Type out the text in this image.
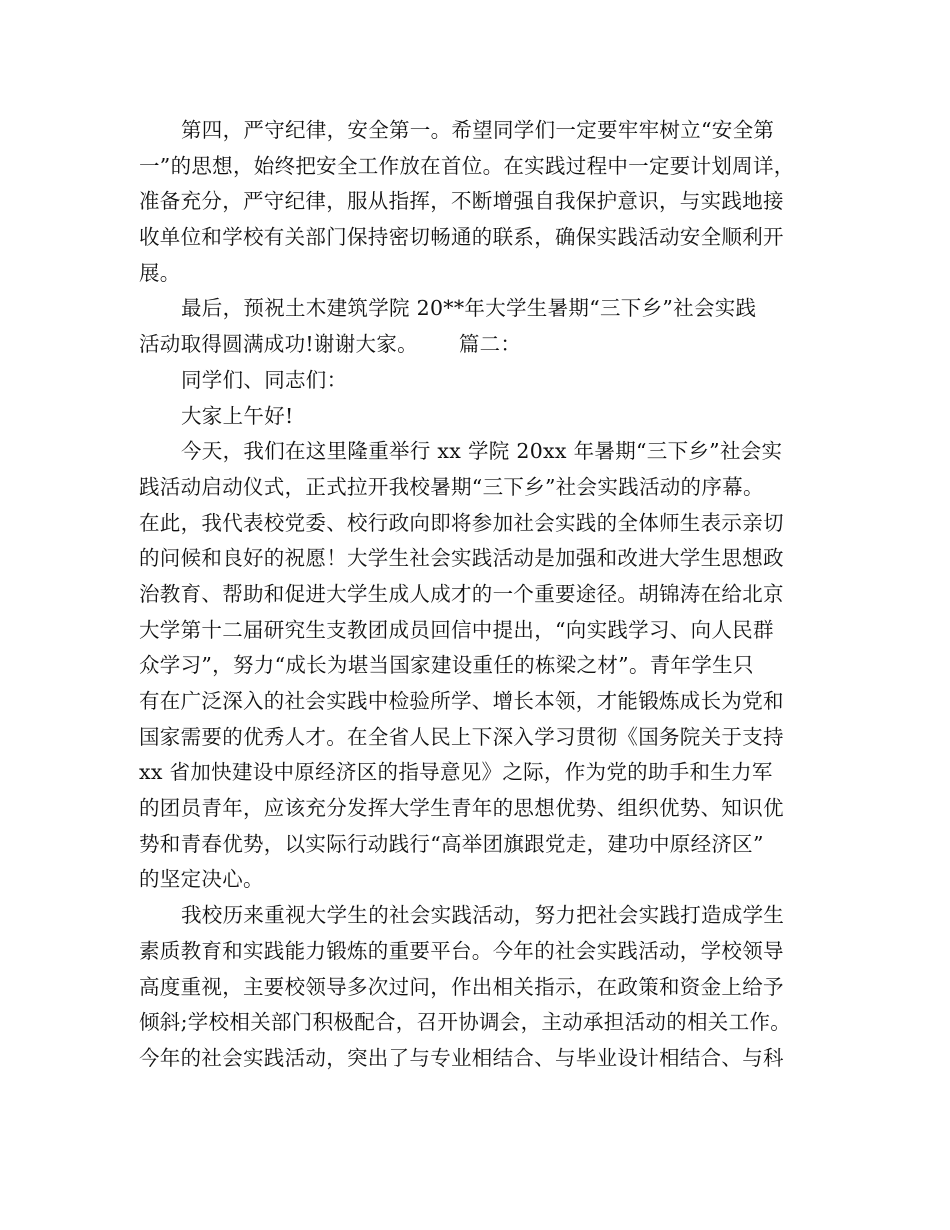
第四，严守纪律，安全第一。希望同学们一定要牢牢树立“安全第
一”的思想，始终把安全工作放在首位。在实践过程中一定要计划周详，
准备充分，严守纪律，服从指挥，不断增强自我保护意识，与实践地接
收单位和学校有关部门保持密切畅通的联系，确保实践活动安全顺利开
展。
最后，预祝土木建筑学院 20**年大学生暑期“三下乡”社会实践
活动取得圆满成功!谢谢大家。      篇二：
同学们、同志们：
大家上午好!
今天，我们在这里隆重举行 xx 学院 20xx 年暑期“三下乡”社会实
践活动启动仪式，正式拉开我校暑期“三下乡”社会实践活动的序幕。
在此，我代表校党委、校行政向即将参加社会实践的全体师生表示亲切
的问候和良好的祝愿！大学生社会实践活动是加强和改进大学生思想政
治教育、帮助和促进大学生成人成才的一个重要途径。胡锦涛在给北京
大学第十二届研究生支教团成员回信中提出，“向实践学习、向人民群
众学习”，努力“成长为堪当国家建设重任的栋梁之材”。青年学生只
有在广泛深入的社会实践中检验所学、增长本领，才能锻炼成长为党和
国家需要的优秀人才。在全省人民上下深入学习贯彻《国务院关于支持
xx 省加快建设中原经济区的指导意见》之际，作为党的助手和生力军
的团员青年，应该充分发挥大学生青年的思想优势、组织优势、知识优
势和青春优势，以实际行动践行“高举团旗跟党走，建功中原经济区”
的坚定决心。
我校历来重视大学生的社会实践活动，努力把社会实践打造成学生
素质教育和实践能力锻炼的重要平台。今年的社会实践活动，学校领导
高度重视，主要校领导多次过问，作出相关指示，在政策和资金上给予
倾斜;学校相关部门积极配合，召开协调会，主动承担活动的相关工作。
今年的社会实践活动，突出了与专业相结合、与毕业设计相结合、与科
